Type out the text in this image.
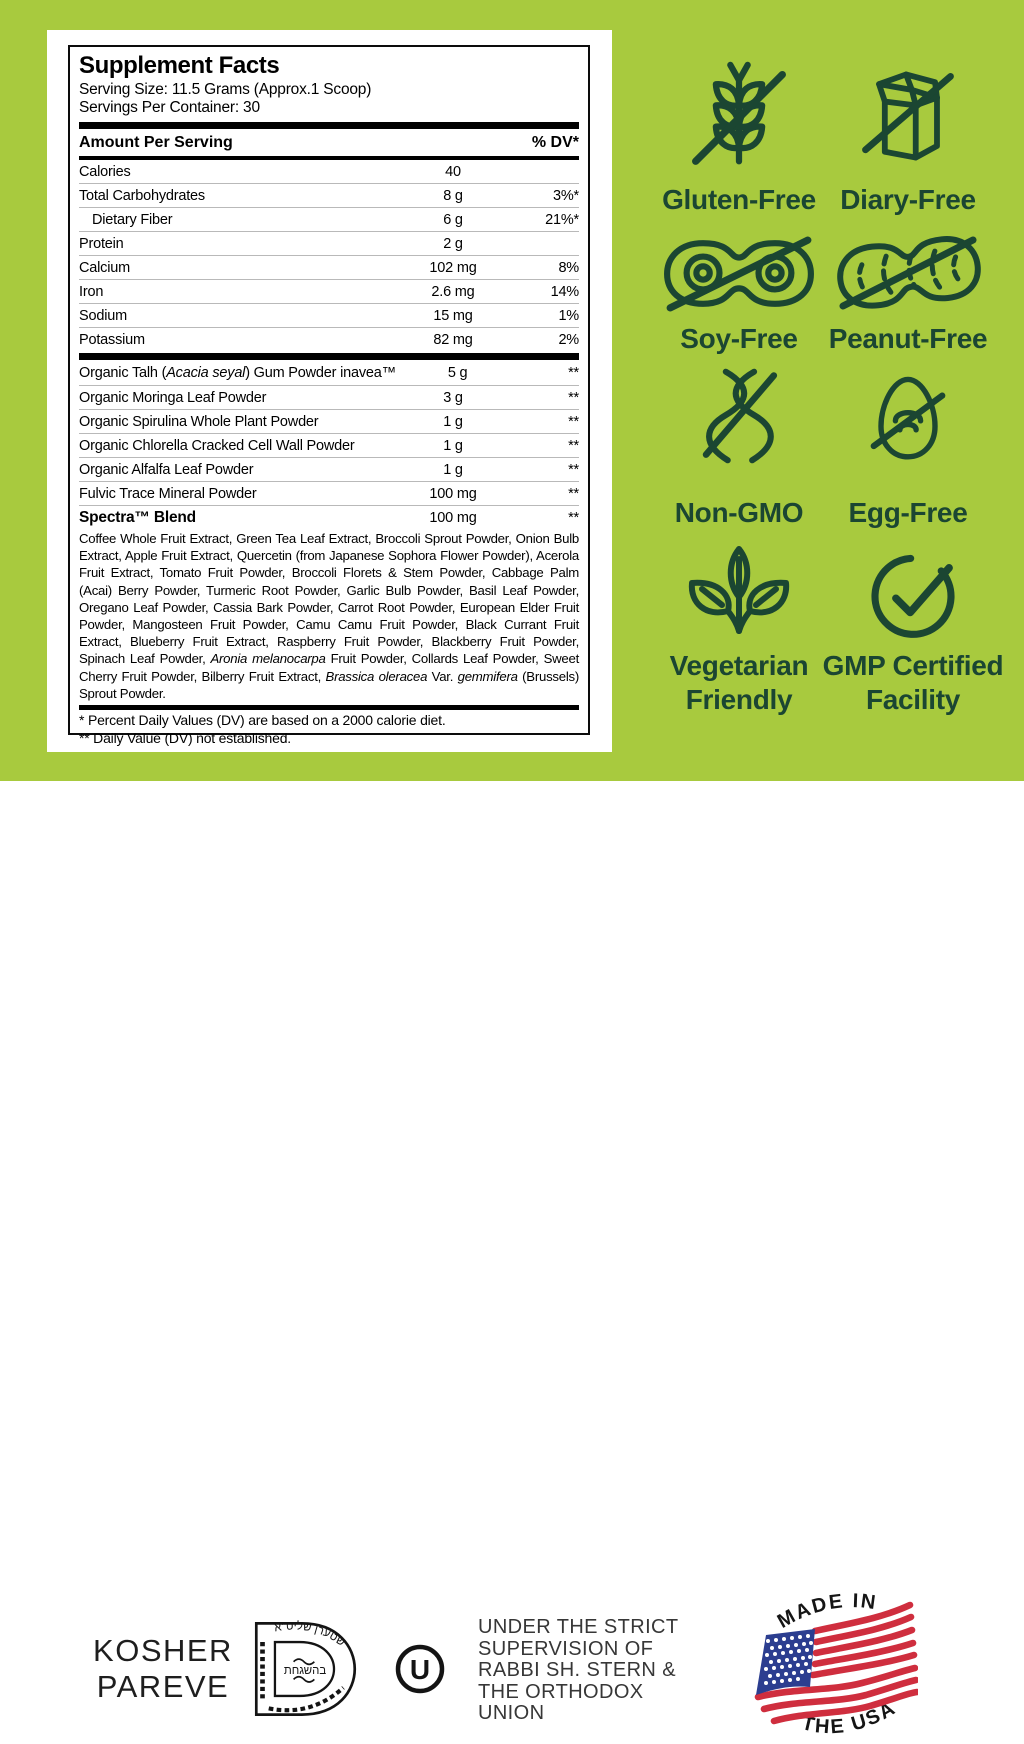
Supplement Facts
Serving Size: 11.5 Grams (Approx.1 Scoop)
Servings Per Container: 30
Amount Per Serving	% DV*
Calories	40
Total Carbohydrates	8 g	3%*
Dietary Fiber	6 g	21%*
Protein	2 g
Calcium	102 mg	8%
Iron	2.6 mg	14%
Sodium	15 mg	1%
Potassium	82 mg	2%
Organic Talh (Acacia seyal) Gum Powder inavea™	5 g	**
Organic Moringa Leaf Powder	3 g	**
Organic Spirulina Whole Plant Powder	1 g	**
Organic Chlorella Cracked Cell Wall Powder	1 g	**
Organic Alfalfa Leaf Powder	1 g	**
Fulvic Trace Mineral Powder	100 mg	**
Spectra™ Blend	100 mg	**

Coffee Whole Fruit Extract, Green Tea Leaf Extract, Broccoli Sprout Powder, Onion Bulb Extract, Apple Fruit Extract, Quercetin (from Japanese Sophora Flower Powder), Acerola Fruit Extract, Tomato Fruit Powder, Broccoli Florets & Stem Powder, Cabbage Palm (Acai) Berry Powder, Turmeric Root Powder, Garlic Bulb Powder, Basil Leaf Powder, Oregano Leaf Powder, Cassia Bark Powder, Carrot Root Powder, European Elder Fruit Powder, Mangosteen Fruit Powder, Camu Camu Fruit Powder, Black Currant Fruit Extract, Blueberry Fruit Extract, Raspberry Fruit Powder, Blackberry Fruit Powder, Spinach Leaf Powder, Aronia melanocarpa Fruit Powder, Collards Leaf Powder, Sweet Cherry Fruit Powder, Bilberry Fruit Extract, Brassica oleracea Var. gemmifera (Brussels) Sprout Powder.

* Percent Daily Values (DV) are based on a 2000 calorie diet.
** Daily Value (DV) not established.
Gluten-Free Diary-Free
Soy-Free	Peanut-Free
Non-GMO	Egg-Free
Vegetarian
Friendly
GMP Certified
Facility
KOSHER
PAREVE
שטערן שליט"א
בהשגחת	U
UNDER THE STRICT
SUPERVISION OF
RABBI SH. STERN &
THE ORTHODOX
UNION
MADE IN
THE USA
